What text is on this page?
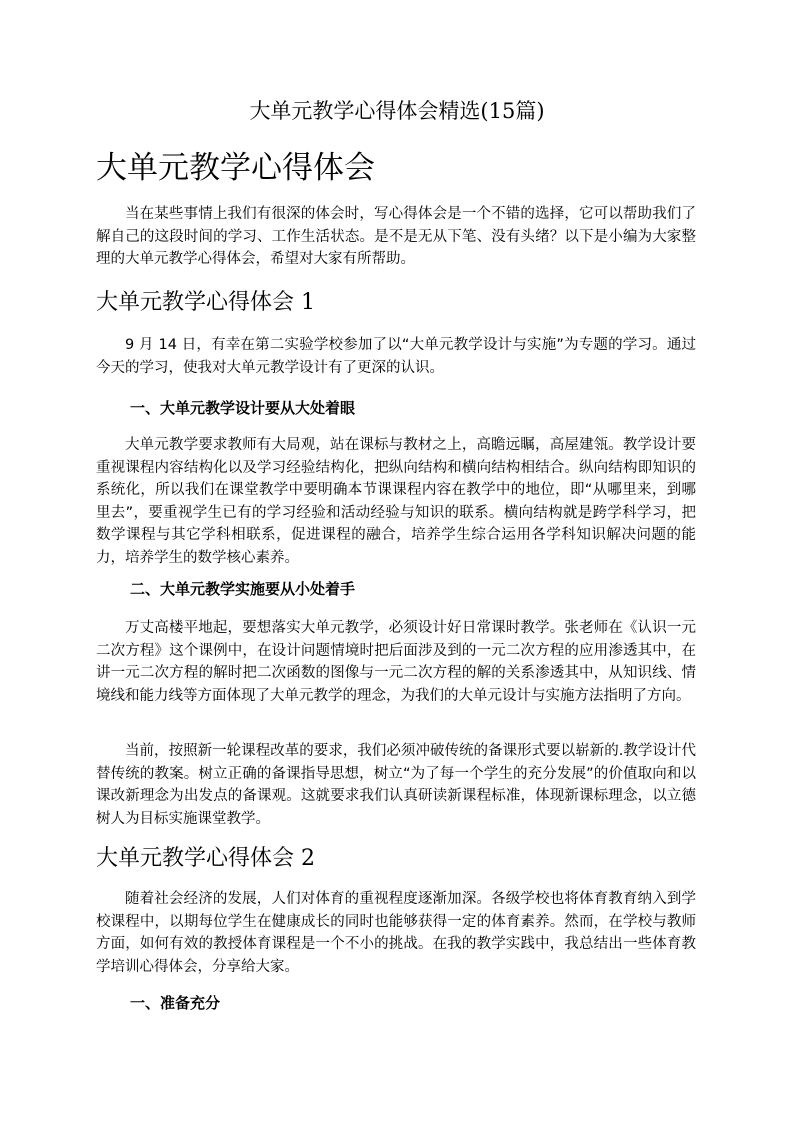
大单元教学心得体会精选(15篇)
大单元教学心得体会

当在某些事情上我们有很深的体会时，写心得体会是一个不错的选择，它可以帮助我们了解自己的这段时间的学习、工作生活状态。是不是无从下笔、没有头绪？以下是小编为大家整理的大单元教学心得体会，希望对大家有所帮助。

大单元教学心得体会 1

9 月 14 日，有幸在第二实验学校参加了以“大单元教学设计与实施”为专题的学习。通过今天的学习，使我对大单元教学设计有了更深的认识。

一、大单元教学设计要从大处着眼

大单元教学要求教师有大局观，站在课标与教材之上，高瞻远瞩，高屋建瓴。教学设计要重视课程内容结构化以及学习经验结构化，把纵向结构和横向结构相结合。纵向结构即知识的系统化，所以我们在课堂教学中要明确本节课课程内容在教学中的地位，即“从哪里来，到哪里去”，要重视学生已有的学习经验和活动经验与知识的联系。横向结构就是跨学科学习，把数学课程与其它学科相联系，促进课程的融合，培养学生综合运用各学科知识解决问题的能力，培养学生的数学核心素养。

二、大单元教学实施要从小处着手

万丈高楼平地起，要想落实大单元教学，必须设计好日常课时教学。张老师在《认识一元二次方程》这个课例中，在设计问题情境时把后面涉及到的一元二次方程的应用渗透其中，在讲一元二次方程的解时把二次函数的图像与一元二次方程的解的关系渗透其中，从知识线、情境线和能力线等方面体现了大单元教学的理念，为我们的大单元设计与实施方法指明了方向。

当前，按照新一轮课程改革的要求，我们必须冲破传统的备课形式要以崭新的.教学设计代替传统的教案。树立正确的备课指导思想，树立“为了每一个学生的充分发展”的价值取向和以课改新理念为出发点的备课观。这就要求我们认真研读新课程标准，体现新课标理念，以立德树人为目标实施课堂教学。

大单元教学心得体会 2

随着社会经济的发展，人们对体育的重视程度逐渐加深。各级学校也将体育教育纳入到学校课程中，以期每位学生在健康成长的同时也能够获得一定的体育素养。然而，在学校与教师方面，如何有效的教授体育课程是一个不小的挑战。在我的教学实践中，我总结出一些体育教学培训心得体会，分享给大家。

一、准备充分
